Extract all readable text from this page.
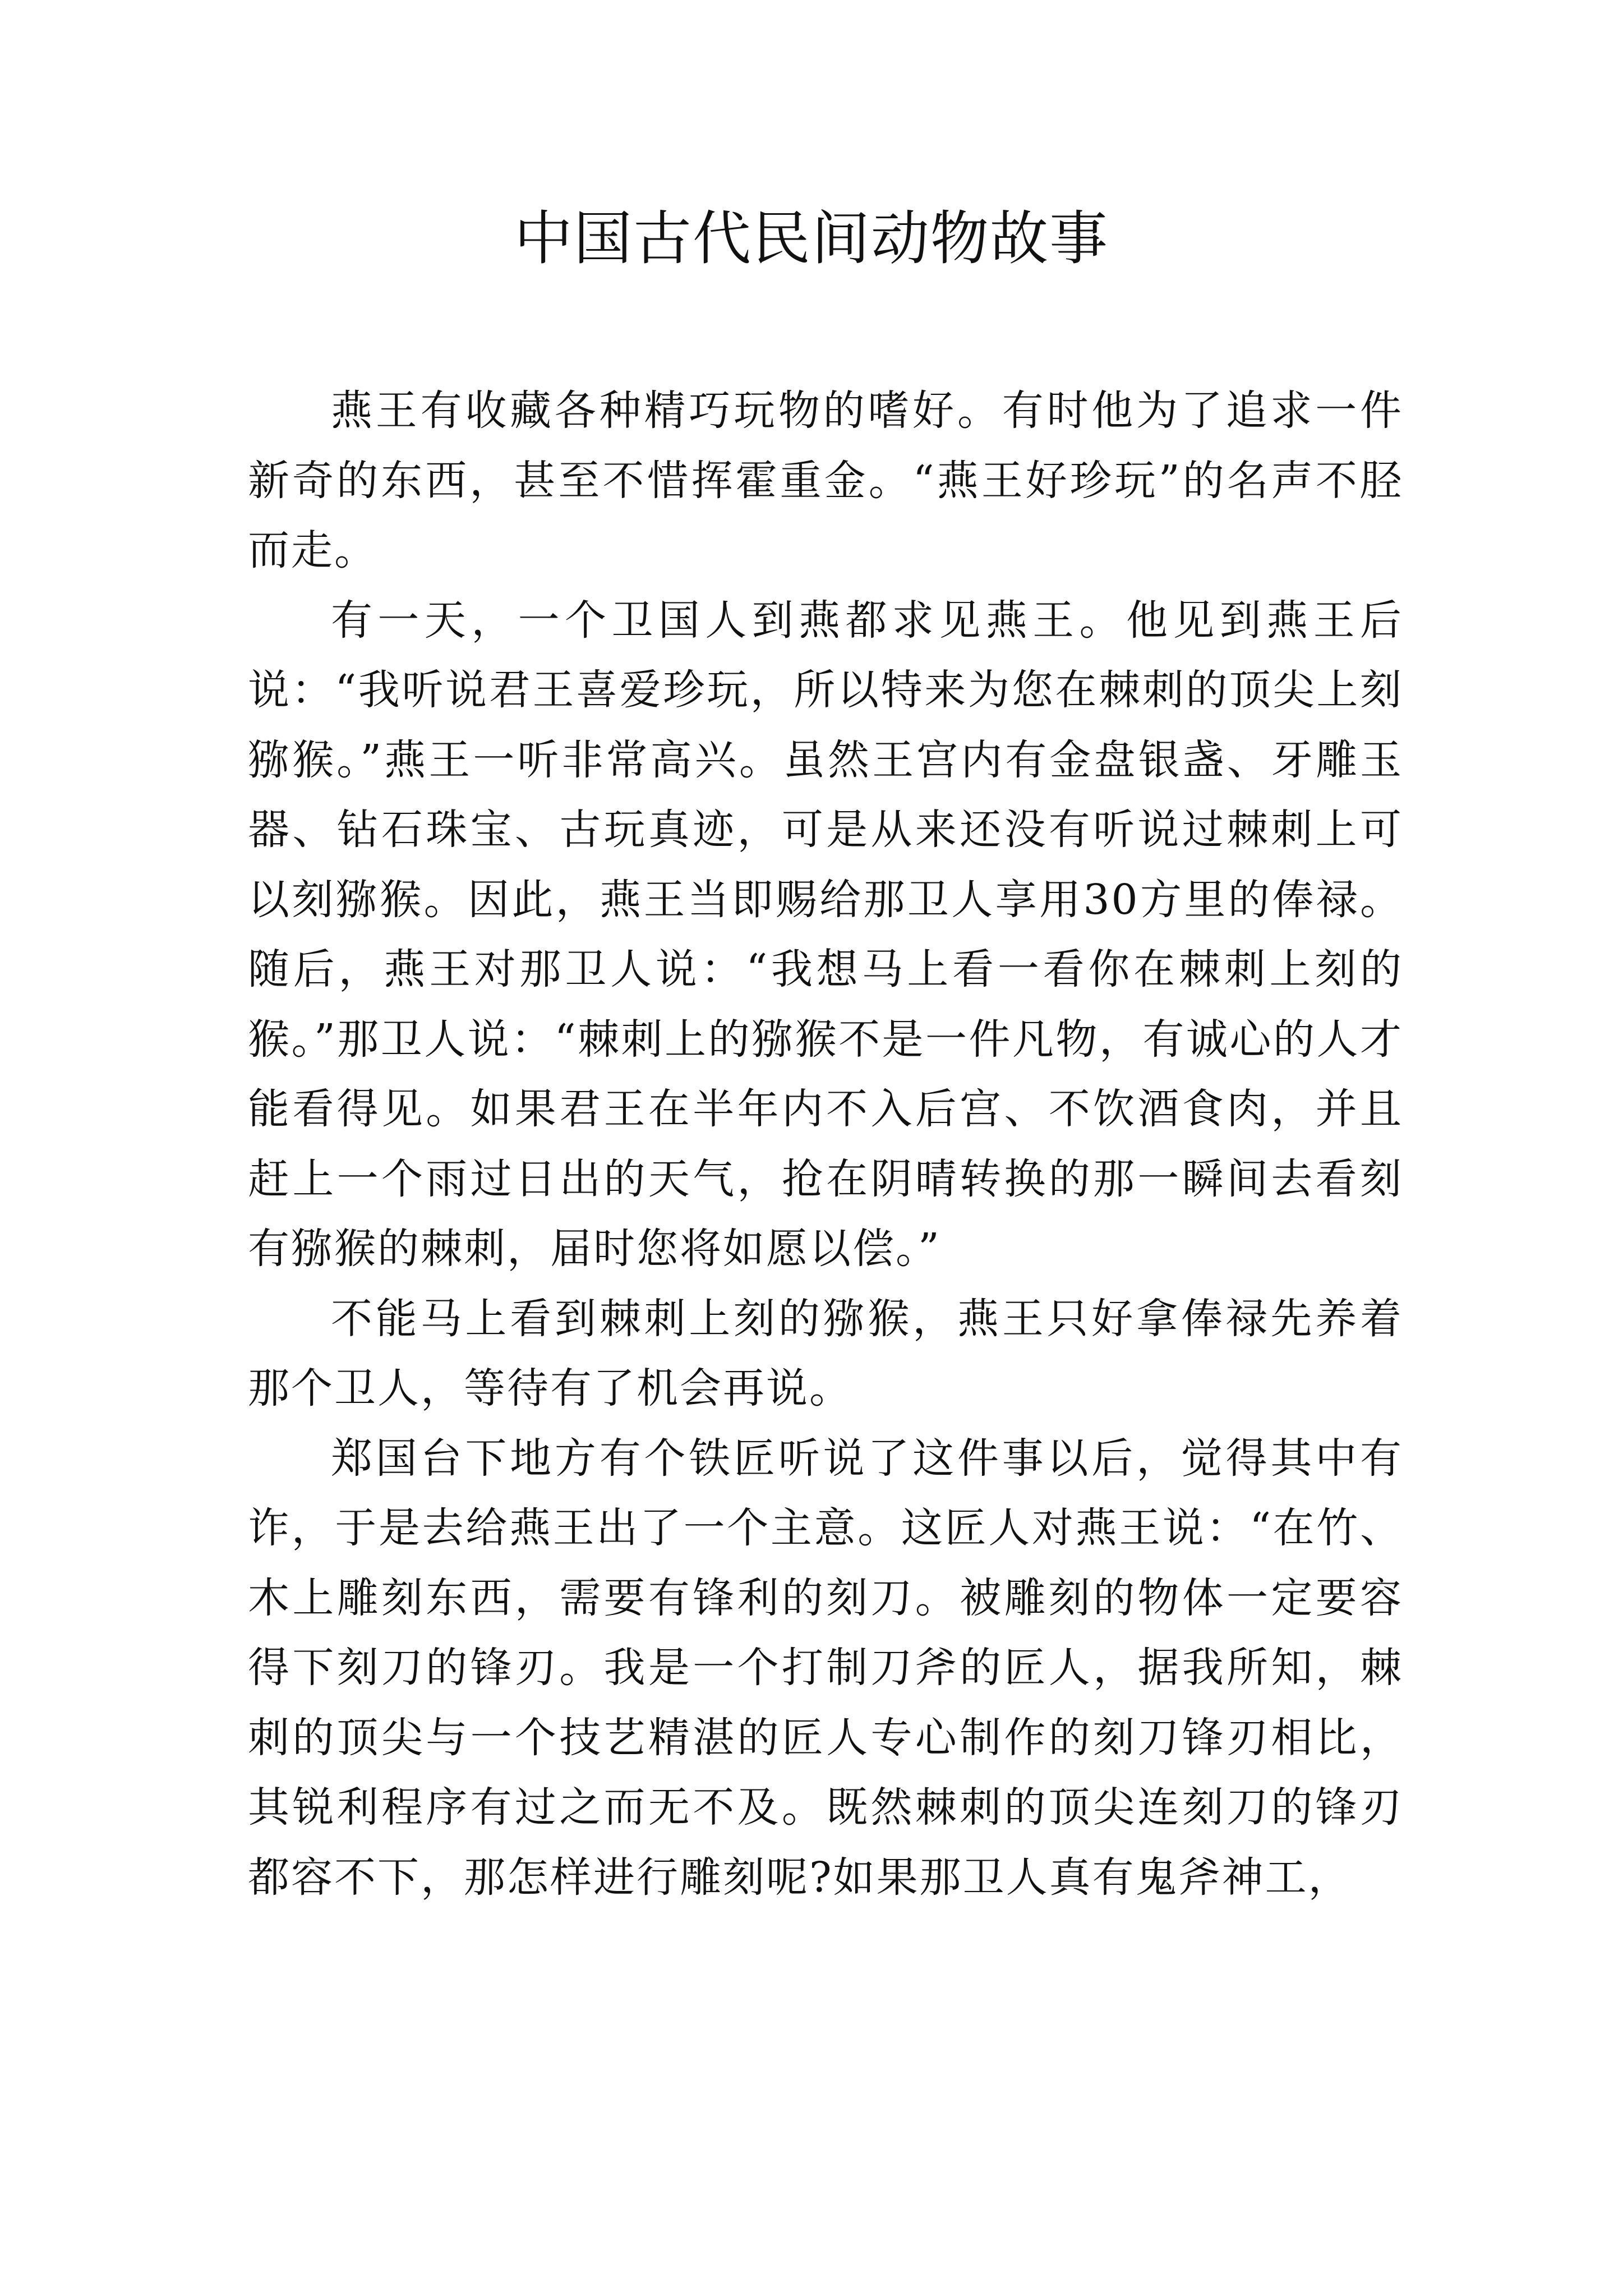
中国古代民间动物故事

燕王有收藏各种精巧玩物的嗜好。有时他为了追求一件新奇的东西，甚至不惜挥霍重金。“燕王好珍玩”的名声不胫而走。

有一天，一个卫国人到燕都求见燕王。他见到燕王后说：“我听说君王喜爱珍玩，所以特来为您在棘刺的顶尖上刻猕猴。”燕王一听非常高兴。虽然王宫内有金盘银盏、牙雕玉器、钻石珠宝、古玩真迹，可是从来还没有听说过棘刺上可以刻猕猴。因此，燕王当即赐给那卫人享用30方里的俸禄。随后，燕王对那卫人说：“我想马上看一看你在棘刺上刻的猴。”那卫人说：“棘刺上的猕猴不是一件凡物，有诚心的人才能看得见。如果君王在半年内不入后宫、不饮酒食肉，并且赶上一个雨过日出的天气，抢在阴晴转换的那一瞬间去看刻有猕猴的棘刺，届时您将如愿以偿。”

不能马上看到棘刺上刻的猕猴，燕王只好拿俸禄先养着那个卫人，等待有了机会再说。

郑国台下地方有个铁匠听说了这件事以后，觉得其中有诈，于是去给燕王出了一个主意。这匠人对燕王说：“在竹、木上雕刻东西，需要有锋利的刻刀。被雕刻的物体一定要容得下刻刀的锋刃。我是一个打制刀斧的匠人，据我所知，棘刺的顶尖与一个技艺精湛的匠人专心制作的刻刀锋刃相比，其锐利程序有过之而无不及。既然棘刺的顶尖连刻刀的锋刃都容不下，那怎样进行雕刻呢?如果那卫人真有鬼斧神工，
